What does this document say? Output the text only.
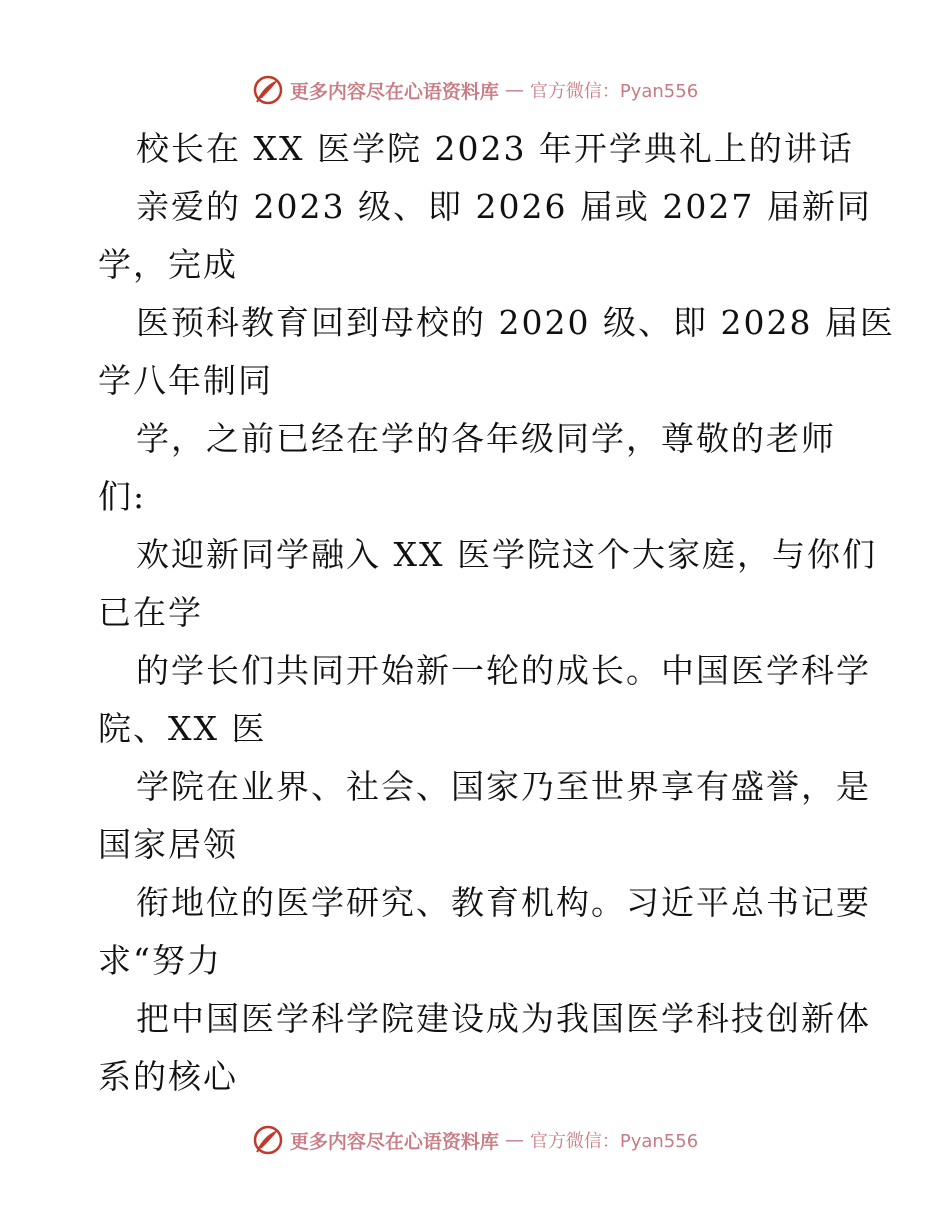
更多内容尽在心语资料库 — 官方微信：Pyan556
校长在 XX 医学院 2023 年开学典礼上的讲话
亲爱的 2023 级、即 2026 届或 2027 届新同
学，完成
医预科教育回到母校的 2020 级、即 2028 届医
学八年制同
学，之前已经在学的各年级同学，尊敬的老师
们:
欢迎新同学融入 XX 医学院这个大家庭，与你们
已在学
的学长们共同开始新一轮的成长。中国医学科学
院、XX 医
学院在业界、社会、国家乃至世界享有盛誉，是
国家居领
衔地位的医学研究、教育机构。习近平总书记要
求“努力
把中国医学科学院建设成为我国医学科技创新体
系的核心
更多内容尽在心语资料库 — 官方微信：Pyan556
